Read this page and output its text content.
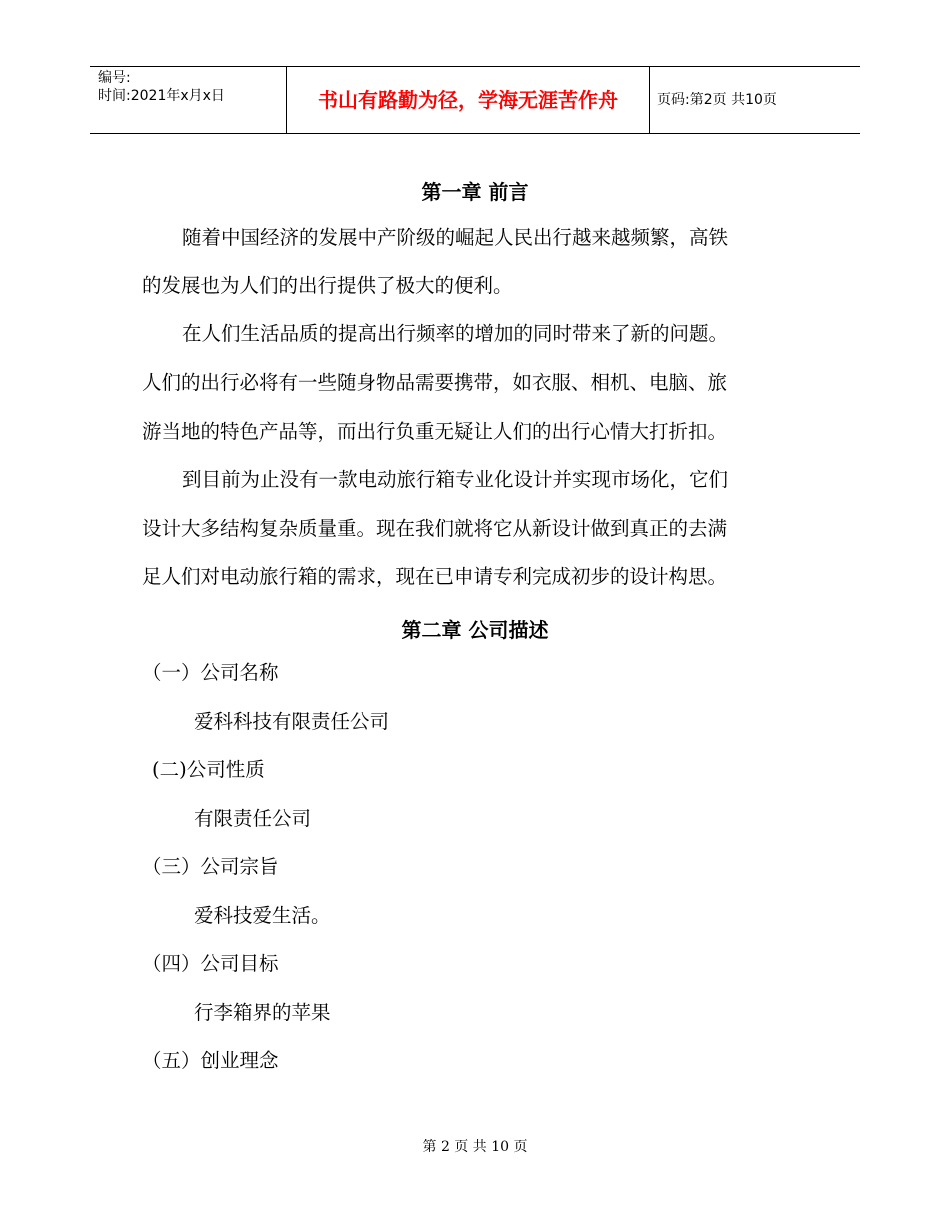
编号:
时间:2021年x月x日	书山有路勤为径，学海无涯苦作舟	页码:第2页 共10页
第一章 前言
随着中国经济的发展中产阶级的崛起人民出行越来越频繁，高铁
的发展也为人们的出行提供了极大的便利。
在人们生活品质的提高出行频率的增加的同时带来了新的问题。
人们的出行必将有一些随身物品需要携带，如衣服、相机、电脑、旅
游当地的特色产品等，而出行负重无疑让人们的出行心情大打折扣。
到目前为止没有一款电动旅行箱专业化设计并实现市场化，它们
设计大多结构复杂质量重。现在我们就将它从新设计做到真正的去满
足人们对电动旅行箱的需求，现在已申请专利完成初步的设计构思。
第二章 公司描述
（一）公司名称
爱科科技有限责任公司
(二)公司性质
有限责任公司
（三）公司宗旨
爱科技爱生活。
（四）公司目标
行李箱界的苹果
（五）创业理念
第 2 页 共 10 页
